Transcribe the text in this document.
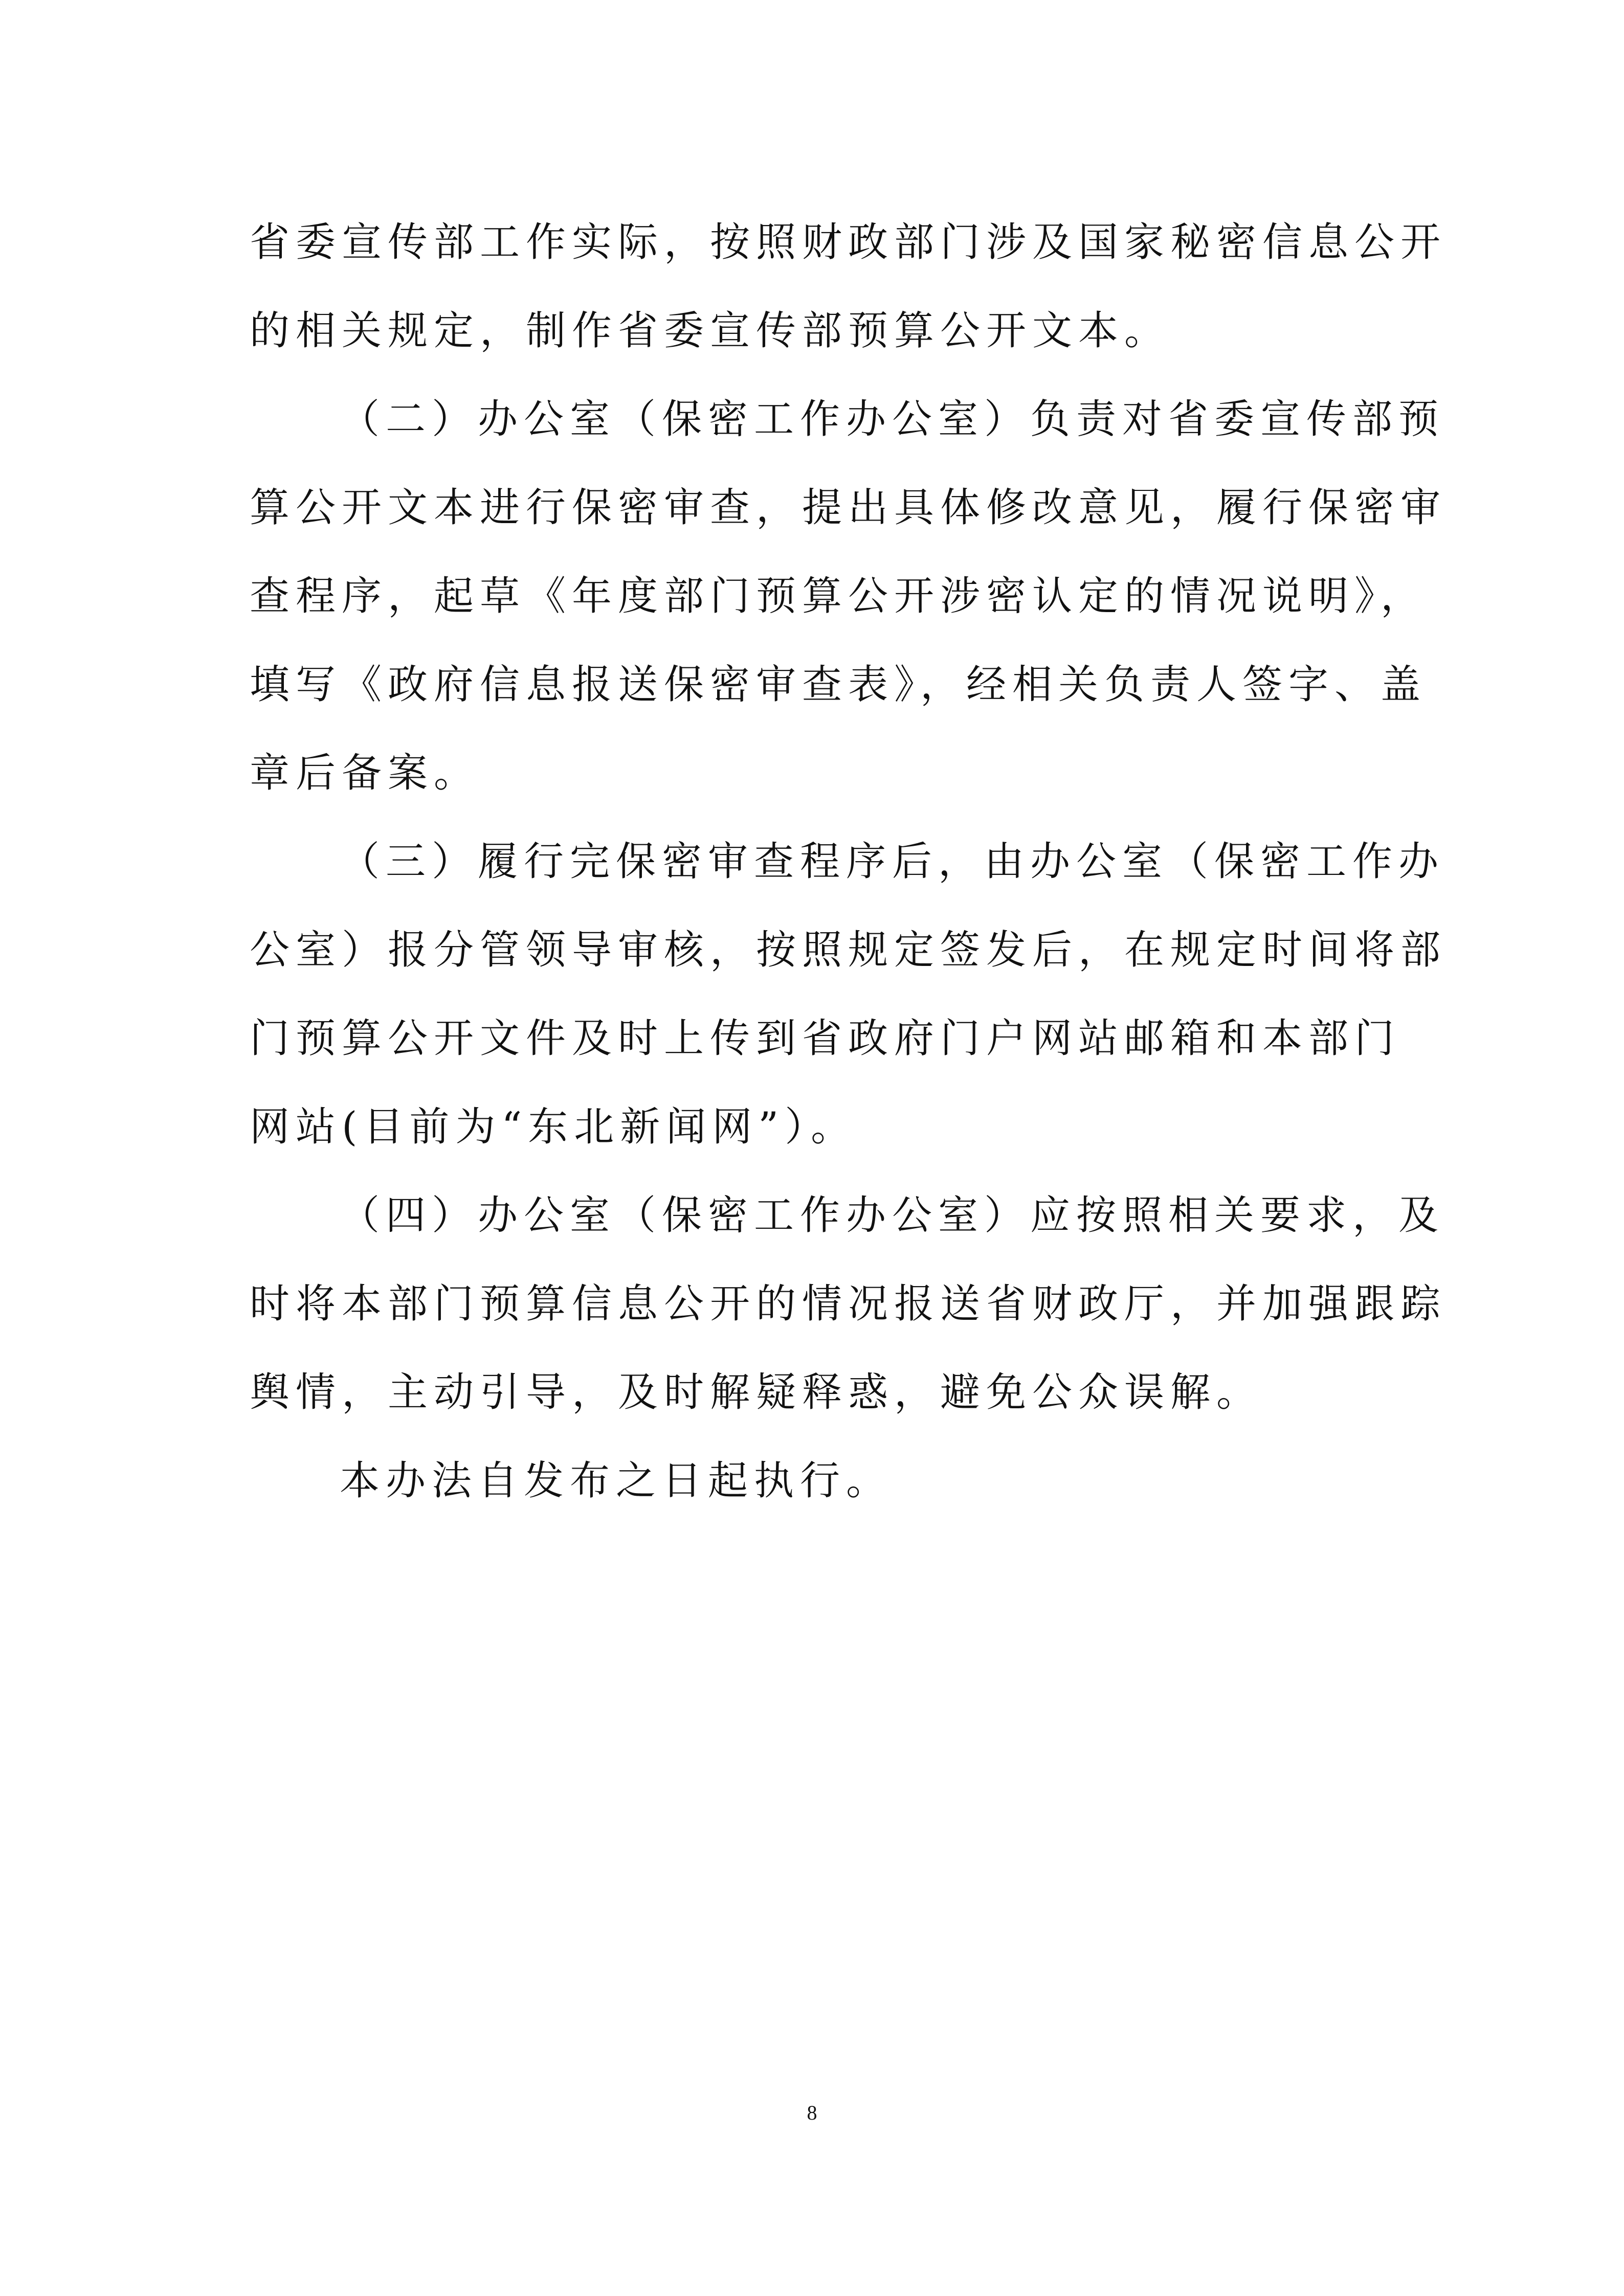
省委宣传部工作实际，按照财政部门涉及国家秘密信息公开
的相关规定，制作省委宣传部预算公开文本。
（二）办公室（保密工作办公室）负责对省委宣传部预
算公开文本进行保密审查，提出具体修改意见，履行保密审
查程序，起草《年度部门预算公开涉密认定的情况说明》，
填写《政府信息报送保密审查表》，经相关负责人签字、盖
章后备案。
（三）履行完保密审查程序后，由办公室（保密工作办
公室）报分管领导审核，按照规定签发后，在规定时间将部
门预算公开文件及时上传到省政府门户网站邮箱和本部门
网站(目前为“东北新闻网”）。
（四）办公室（保密工作办公室）应按照相关要求，及
时将本部门预算信息公开的情况报送省财政厅，并加强跟踪
舆情，主动引导，及时解疑释惑，避免公众误解。
本办法自发布之日起执行。
8
